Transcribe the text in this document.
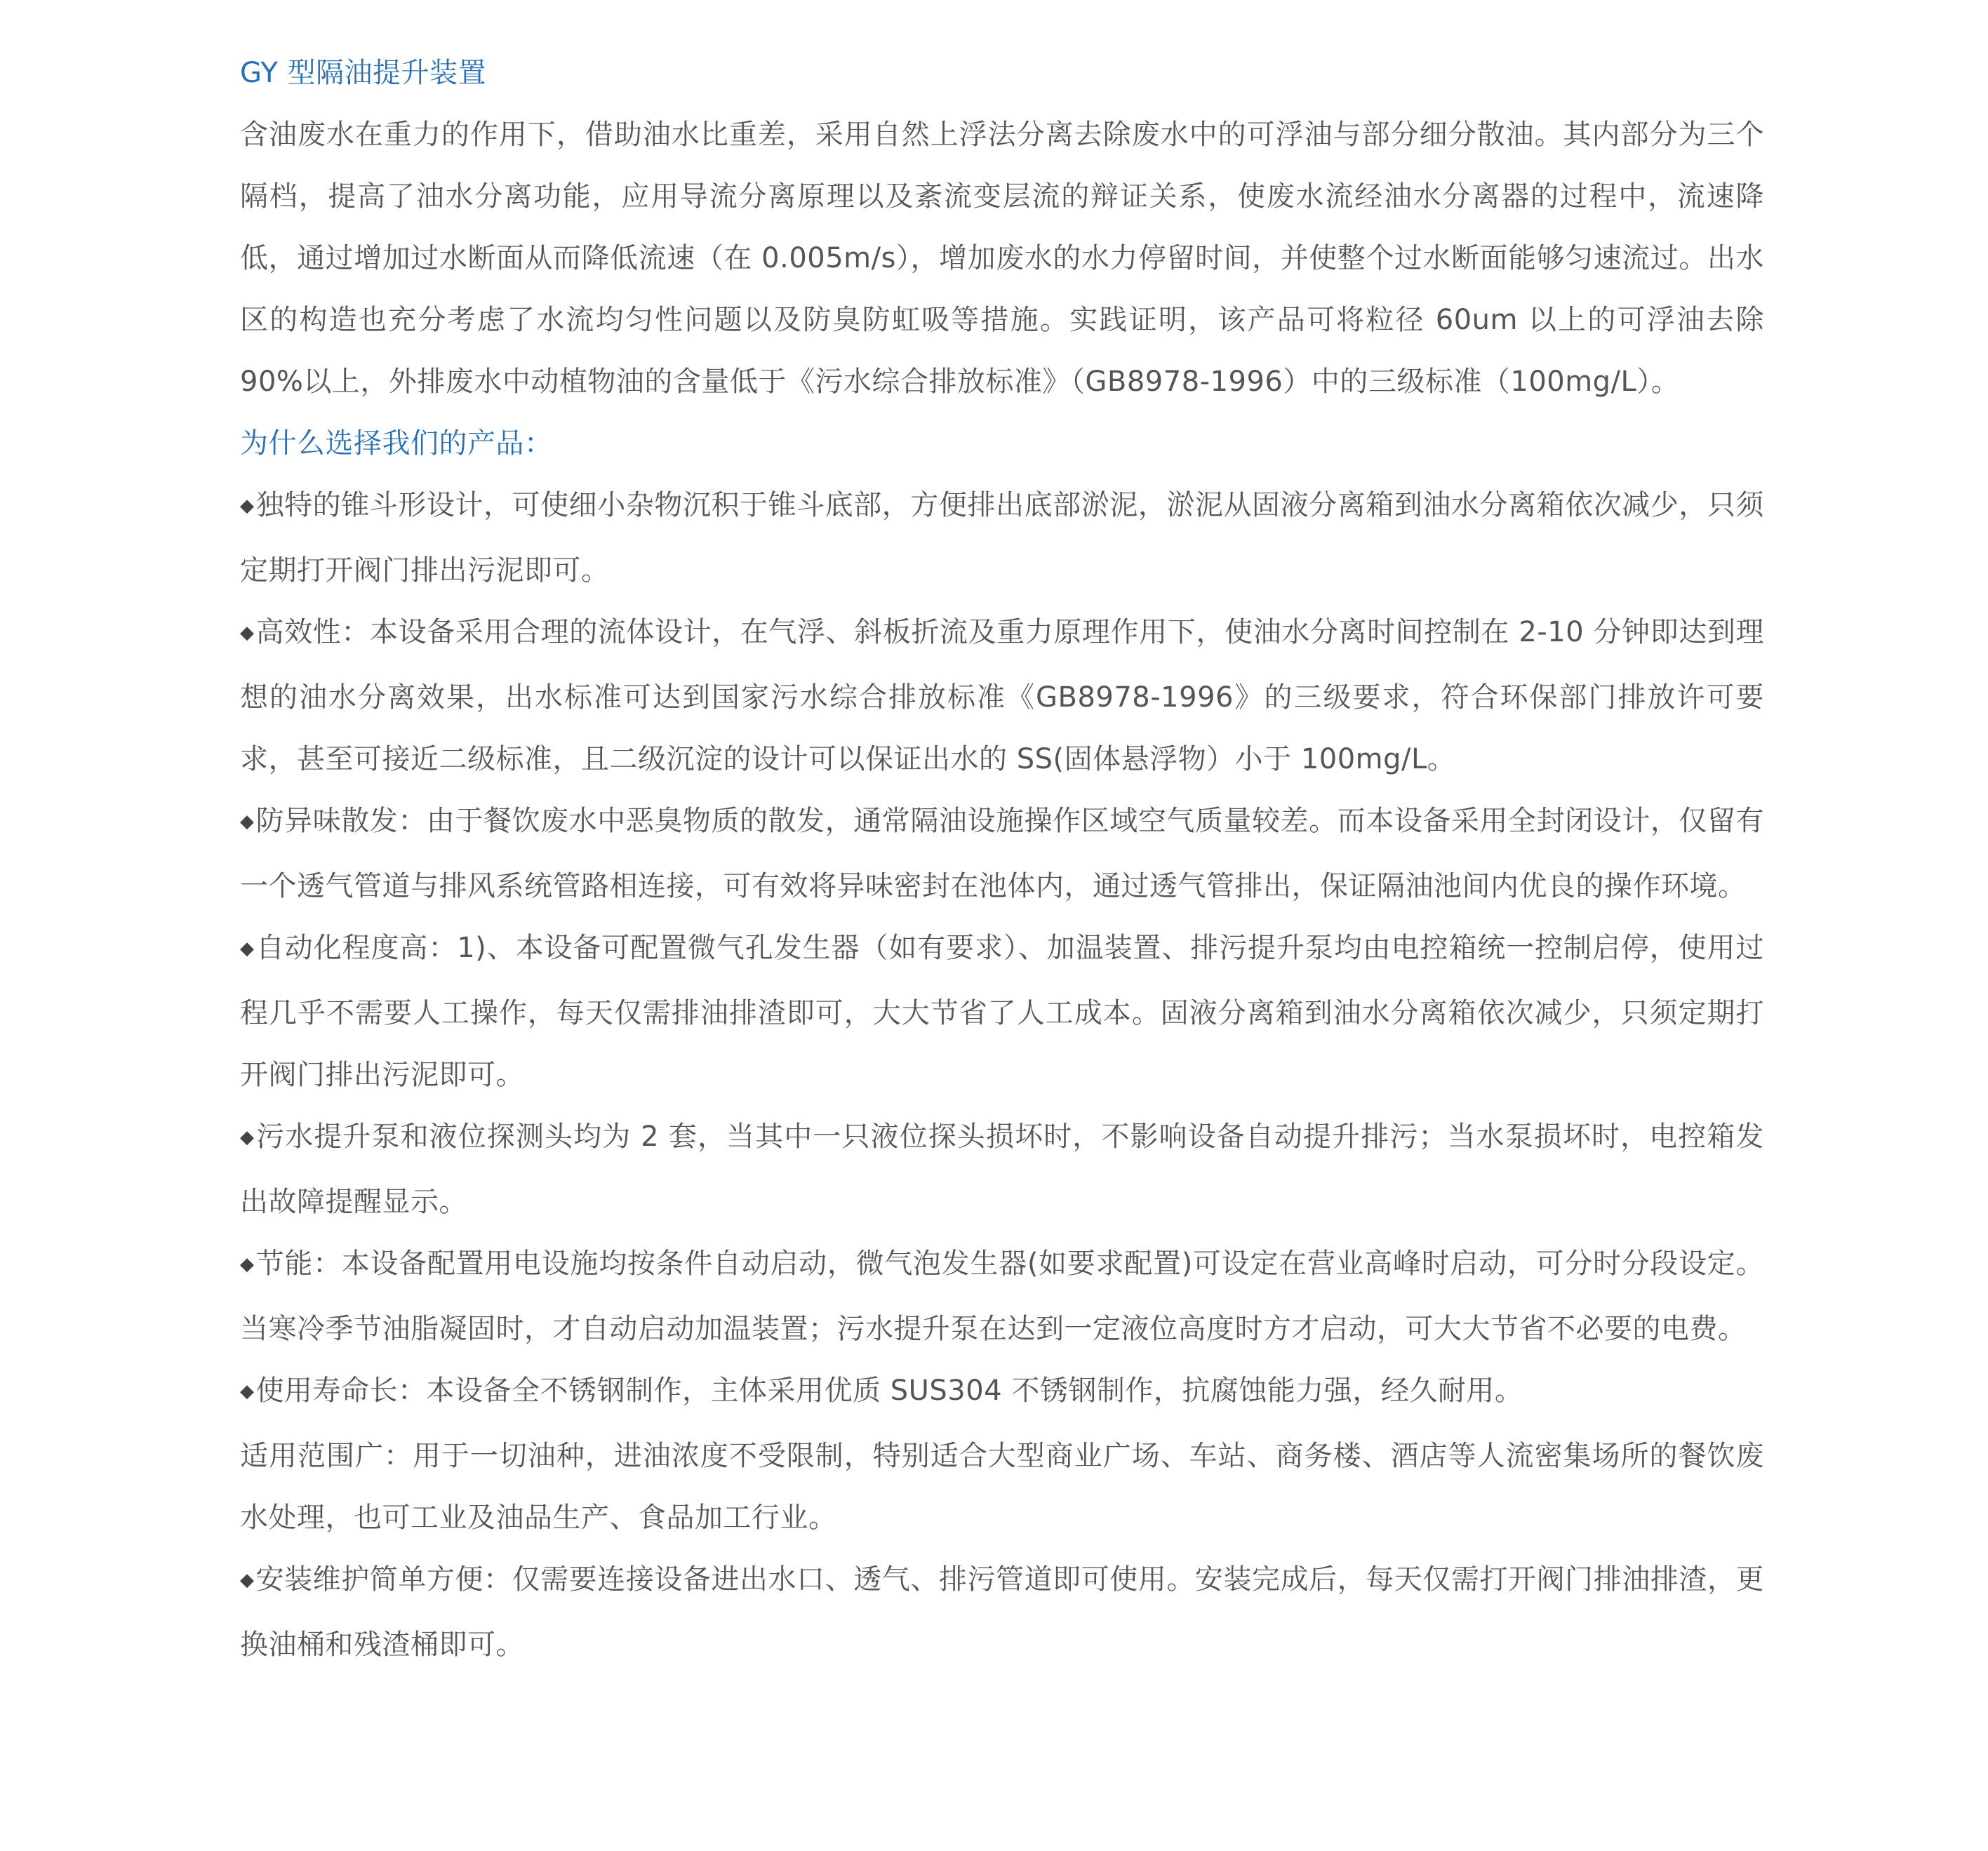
GY 型隔油提升装置

含油废水在重力的作用下，借助油水比重差，采用自然上浮法分离去除废水中的可浮油与部分细分散油。其内部分为三个隔档，提高了油水分离功能，应用导流分离原理以及紊流变层流的辩证关系，使废水流经油水分离器的过程中，流速降低，通过增加过水断面从而降低流速（在 0.005m/s），增加废水的水力停留时间，并使整个过水断面能够匀速流过。出水区的构造也充分考虑了水流均匀性问题以及防臭防虹吸等措施。实践证明，该产品可将粒径 60um 以上的可浮油去除 90%以上，外排废水中动植物油的含量低于《污水综合排放标准》（GB8978-1996）中的三级标准（100mg/L）。

为什么选择我们的产品：

◆独特的锥斗形设计，可使细小杂物沉积于锥斗底部，方便排出底部淤泥，淤泥从固液分离箱到油水分离箱依次减少，只须定期打开阀门排出污泥即可。

◆高效性：本设备采用合理的流体设计，在气浮、斜板折流及重力原理作用下，使油水分离时间控制在 2-10 分钟即达到理想的油水分离效果，出水标准可达到国家污水综合排放标准《GB8978-1996》的三级要求，符合环保部门排放许可要求，甚至可接近二级标准，且二级沉淀的设计可以保证出水的 SS(固体悬浮物）小于 100mg/L。

◆防异味散发：由于餐饮废水中恶臭物质的散发，通常隔油设施操作区域空气质量较差。而本设备采用全封闭设计，仅留有一个透气管道与排风系统管路相连接，可有效将异味密封在池体内，通过透气管排出，保证隔油池间内优良的操作环境。

◆自动化程度高：1)、本设备可配置微气孔发生器（如有要求）、加温装置、排污提升泵均由电控箱统一控制启停，使用过程几乎不需要人工操作，每天仅需排油排渣即可，大大节省了人工成本。固液分离箱到油水分离箱依次减少，只须定期打开阀门排出污泥即可。

◆污水提升泵和液位探测头均为 2 套，当其中一只液位探头损坏时，不影响设备自动提升排污；当水泵损坏时，电控箱发出故障提醒显示。

◆节能：本设备配置用电设施均按条件自动启动，微气泡发生器(如要求配置)可设定在营业高峰时启动，可分时分段设定。当寒冷季节油脂凝固时，才自动启动加温装置；污水提升泵在达到一定液位高度时方才启动，可大大节省不必要的电费。

◆使用寿命长：本设备全不锈钢制作，主体采用优质 SUS304 不锈钢制作，抗腐蚀能力强，经久耐用。

适用范围广：用于一切油种，进油浓度不受限制，特别适合大型商业广场、车站、商务楼、酒店等人流密集场所的餐饮废水处理，也可工业及油品生产、食品加工行业。

◆安装维护简单方便：仅需要连接设备进出水口、透气、排污管道即可使用。安装完成后，每天仅需打开阀门排油排渣，更换油桶和残渣桶即可。
